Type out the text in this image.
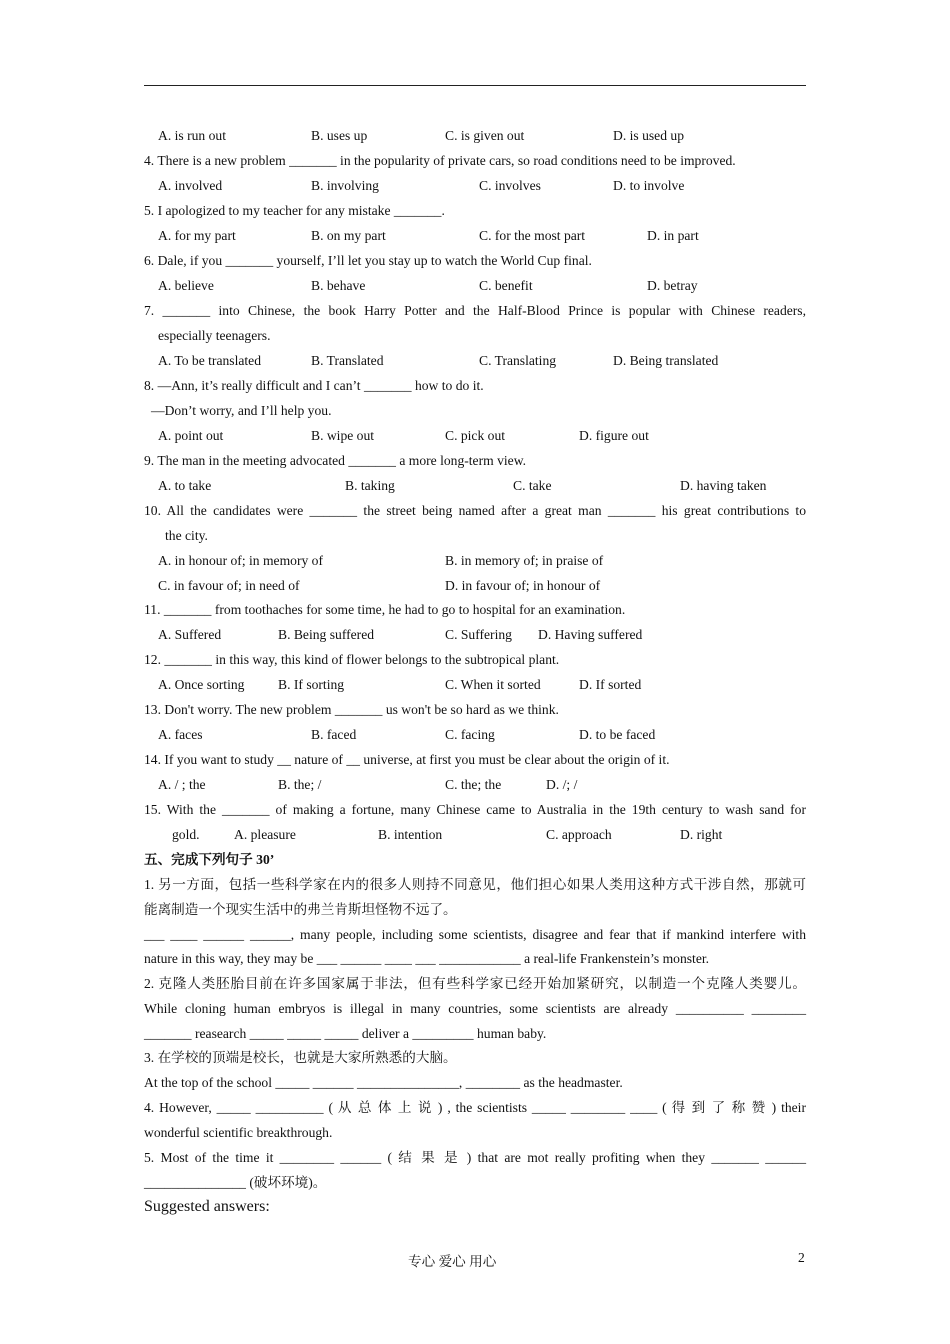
A. is run out	B. uses up	C. is given out	D. is used up
4. There is a new problem _______ in the popularity of private cars, so road conditions need to be improved.
A. involved	B. involving	C. involves	D. to involve
5. I apologized to my teacher for any mistake _______.
A. for my part	B. on my part	C. for the most part	D. in part
6. Dale, if you _______ yourself, I’ll let you stay up to watch the World Cup final.
A. believe	B. behave	C. benefit	D. betray
7. _______ into Chinese, the book Harry Potter and the Half-Blood Prince is popular with Chinese readers,
especially teenagers.
A. To be translated	B. Translated	C. Translating	D. Being translated
8. —Ann, it’s really difficult and I can’t _______ how to do it.
—Don’t worry, and I’ll help you.
A. point out	B. wipe out	C. pick out	D. figure out
9. The man in the meeting advocated _______ a more long-term view.
A. to take	B. taking	C. take	D. having taken
10. All the candidates were _______ the street being named after a great man _______ his great contributions to
the city.
A. in honour of; in memory of	B. in memory of; in praise of
C. in favour of; in need of	D. in favour of; in honour of
11. _______ from toothaches for some time, he had to go to hospital for an examination.
A. Suffered	B. Being suffered	C. Suffering D. Having suffered
12. _______ in this way, this kind of flower belongs to the subtropical plant.
A. Once sorting B. If sorting	C. When it sorted	D. If sorted
13. Don't worry. The new problem _______ us won't be so hard as we think.
A. faces	B. faced	C. facing	D. to be faced
14. If you want to study __ nature of __ universe, at first you must be clear about the origin of it.
A. / ; the	B. the; /	C. the; the	D. /; /
15. With the _______ of making a fortune, many Chinese came to Australia in the 19th century to wash sand for
gold.	A. pleasure	B. intention	C. approach	D. right
五、完成下列句子 30’
1. 另一方面，包括一些科学家在内的很多人则持不同意见，他们担心如果人类用这种方式干涉自然，那就可
能离制造一个现实生活中的弗兰肯斯坦怪物不远了。
___ ____ ______ ______, many people, including some scientists, disagree and fear that if mankind interfere with
nature in this way, they may be ___ ______ ____ ___ ____________ a real-life Frankenstein’s monster.
2. 克隆人类胚胎目前在许多国家属于非法，但有些科学家已经开始加紧研究，以制造一个克隆人类婴儿。
While cloning human embryos is illegal in many countries, some scientists are already __________ ________
_______ reasearch _____ _____ _____ deliver a _________ human baby.
3. 在学校的顶端是校长，也就是大家所熟悉的大脑。
At the top of the school _____ ______ _______________, ________ as the headmaster.
4. However, _____ __________ ( 从 总 体 上 说 ) , the scientists _____ ________ ____ ( 得 到 了 称 赞 ) their
wonderful scientific breakthrough.
5. Most of the time it ________ ______ ( 结 果 是 ) that are mot really profiting when they _______ ______
_______________ (破坏环境)。
Suggested answers:
专心 爱心 用心	2
